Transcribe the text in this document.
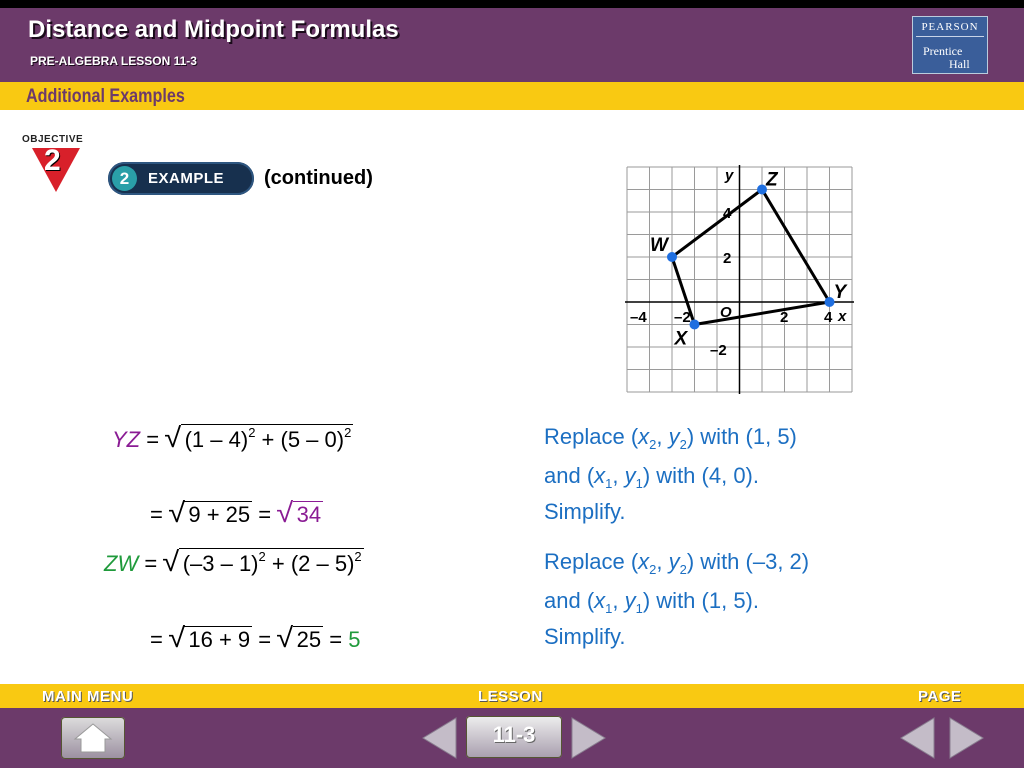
Distance and Midpoint Formulas
PRE-ALGEBRA LESSON 11-3
PEARSON
Prentice
Hall
Additional Examples
OBJECTIVE
2
2	EXAMPLE (continued)
W
X
Y
Z
–4 –2	2 4
4
2
–2
O
y
x
YZ = √ (1 – 4)$^2$ + (5 – 0)$^2$	Replace ($x_2$, $y_2$) with (1, 5)
and ($x_1$, $y_1$) with (4, 0).
= √ 9 + 25 = √ 34	Simplify.
ZW = √ (–3 – 1)$^2$ + (2 – 5)$^2$	Replace ($x_2$, $y_2$) with (–3, 2)
and ($x_1$, $y_1$) with (1, 5).
= √ 16 + 9 = √ 25 = 5	Simplify.
MAIN MENU	LESSON	PAGE
11-3
